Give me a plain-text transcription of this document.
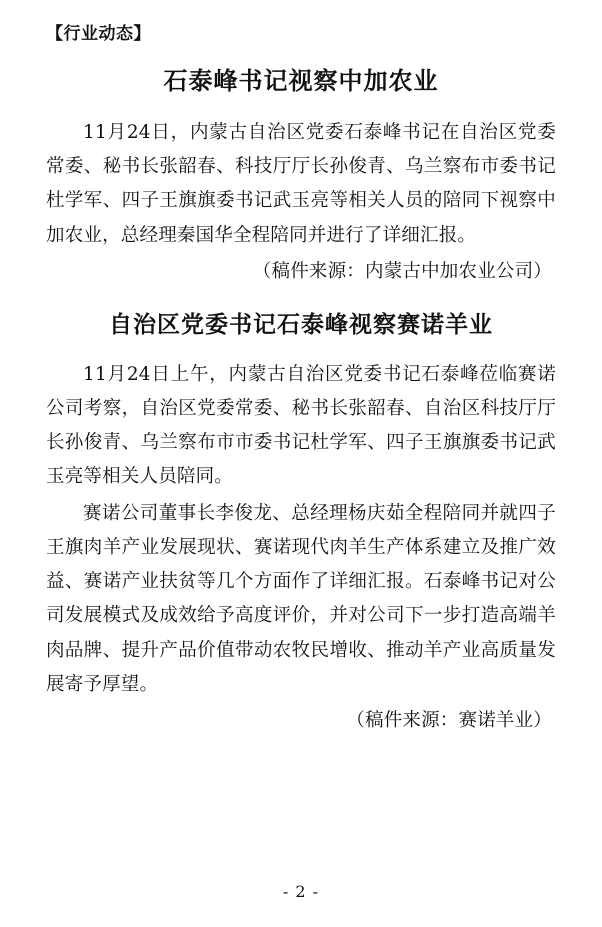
【行业动态】
石泰峰书记视察中加农业

11月24日，内蒙古自治区党委石泰峰书记在自治区党委常委、秘书长张韶春、科技厅厅长孙俊青、乌兰察布市委书记杜学军、四子王旗旗委书记武玉亮等相关人员的陪同下视察中加农业，总经理秦国华全程陪同并进行了详细汇报。

（稿件来源：内蒙古中加农业公司）

自治区党委书记石泰峰视察赛诺羊业

11月24日上午，内蒙古自治区党委书记石泰峰莅临赛诺公司考察，自治区党委常委、秘书长张韶春、自治区科技厅厅长孙俊青、乌兰察布市市委书记杜学军、四子王旗旗委书记武玉亮等相关人员陪同。

赛诺公司董事长李俊龙、总经理杨庆茹全程陪同并就四子王旗肉羊产业发展现状、赛诺现代肉羊生产体系建立及推广效益、赛诺产业扶贫等几个方面作了详细汇报。石泰峰书记对公司发展模式及成效给予高度评价，并对公司下一步打造高端羊肉品牌、提升产品价值带动农牧民增收、推动羊产业高质量发展寄予厚望。

（稿件来源：赛诺羊业）

- 2 -
